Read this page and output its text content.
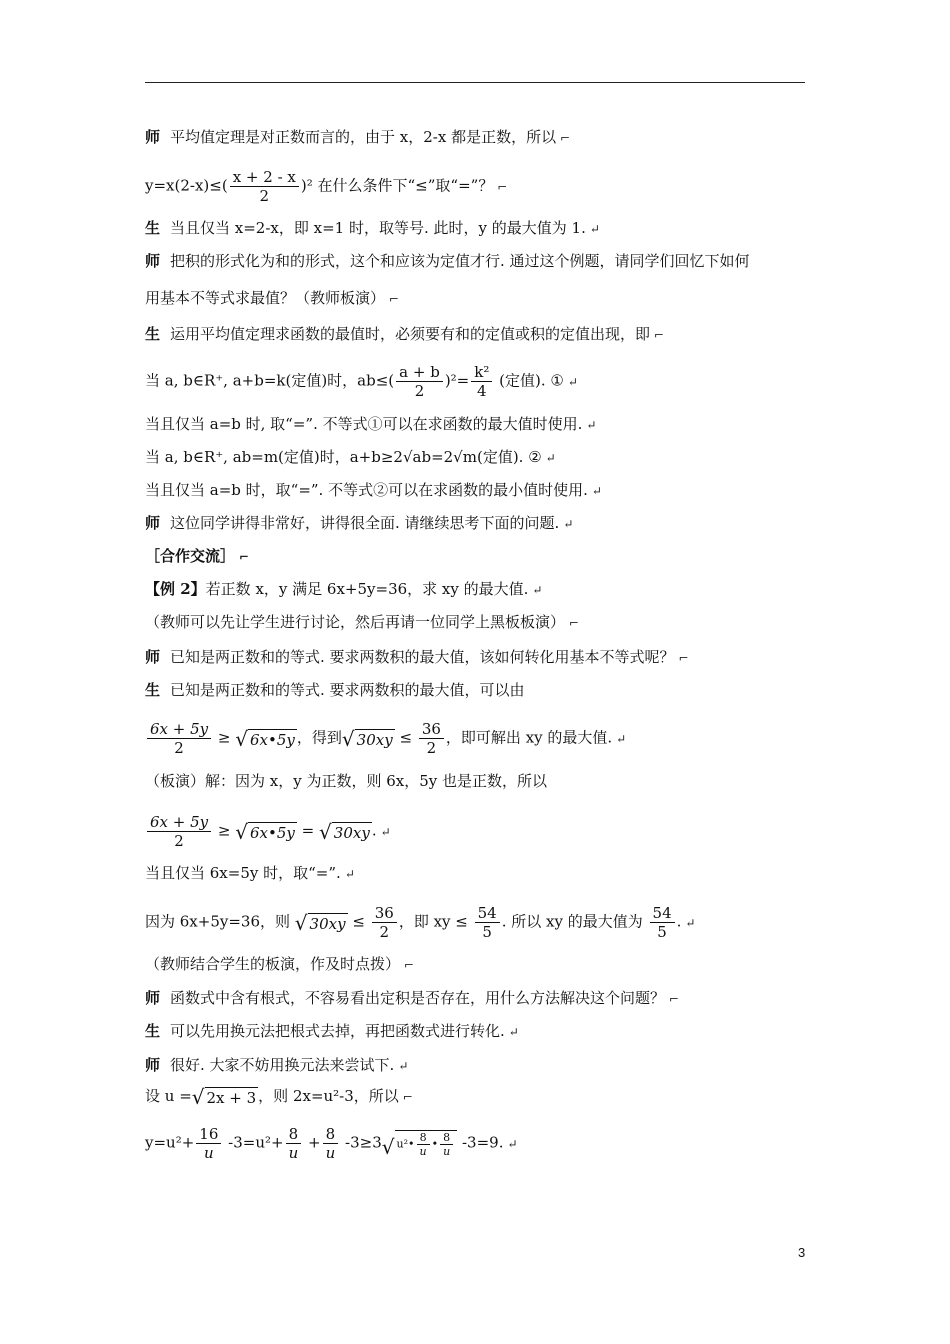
师 平均值定理是对正数而言的，由于 x，2-x 都是正数，所以 ⌐
$y=x(2-x)\le( \frac{x + 2 - x}{2} )^2$ 在什么条件下“≤”取“=”？ ⌐
生 当且仅当 x=2-x，即 x=1 时，取等号. 此时，y 的最大值为 1. ↵
师 把积的形式化为和的形式，这个和应该为定值才行. 通过这个例题，请同学们回忆下如何
用基本不等式求最值？（教师板演） ⌐
生 运用平均值定理求函数的最值时，必须要有和的定值或积的定值出现，即 ⌐
当 a, b∈R⁺, a+b=k(定值)时，$ab\le( \frac{a + b}{2} )^2= \frac{\text{k²}}{4}$ (定值). ① ↵
当且仅当 a=b 时, 取“=”. 不等式①可以在求函数的最大值时使用. ↵
当 a, b∈R⁺, ab=m(定值)时，a+b≥2√ab=2√m(定值). ② ↵
当且仅当 a=b 时，取“=”. 不等式②可以在求函数的最小值时使用. ↵
师 这位同学讲得非常好，讲得很全面. 请继续思考下面的问题. ↵
［合作交流］ ⌐
【例 2】若正数 x，y 满足 6x+5y=36，求 xy 的最大值. ↵
（教师可以先让学生进行讨论，然后再请一位同学上黑板板演） ⌐
师 已知是两正数和的等式. 要求两数积的最大值，该如何转化用基本不等式呢？ ⌐
生 已知是两正数和的等式. 要求两数积的最大值，可以由
$\frac{6x + 5y}{2}$ ≥ √ 6x•5y ，得到 √ $30xy \le \frac{36}{2}$ ，即可解出 xy 的最大值. ↵
（板演）解：因为 x，y 为正数，则 6x，5y 也是正数，所以
$\frac{6x + 5y}{2}$ ≥ √ 6x•5y = √ 30xy . ↵
当且仅当 6x=5y 时，取“=”. ↵
因为 6x+5y=36，则 √ $30xy \le \frac{36}{2}$ ，即 xy ≤ $\frac{54}{5}$ . 所以 xy 的最大值为 $\frac{54}{5}$ . ↵
（教师结合学生的板演，作及时点拨） ⌐
师 函数式中含有根式，不容易看出定积是否存在，用什么方法解决这个问题？ ⌐
生 可以先用换元法把根式去掉，再把函数式进行转化. ↵
师 很好. 大家不妨用换元法来尝试下. ↵
设 u = √ 2x + 3 ，则 2x=u²-3，所以 ⌐
$y=u^2+ \frac{16}{u} -3=u^2+ \frac{8}{u} + \frac{8}{u} -3\ge 3$ √ u²• $\frac{8}{u}$ • $\frac{8}{u} -3=9$. ↵
3
